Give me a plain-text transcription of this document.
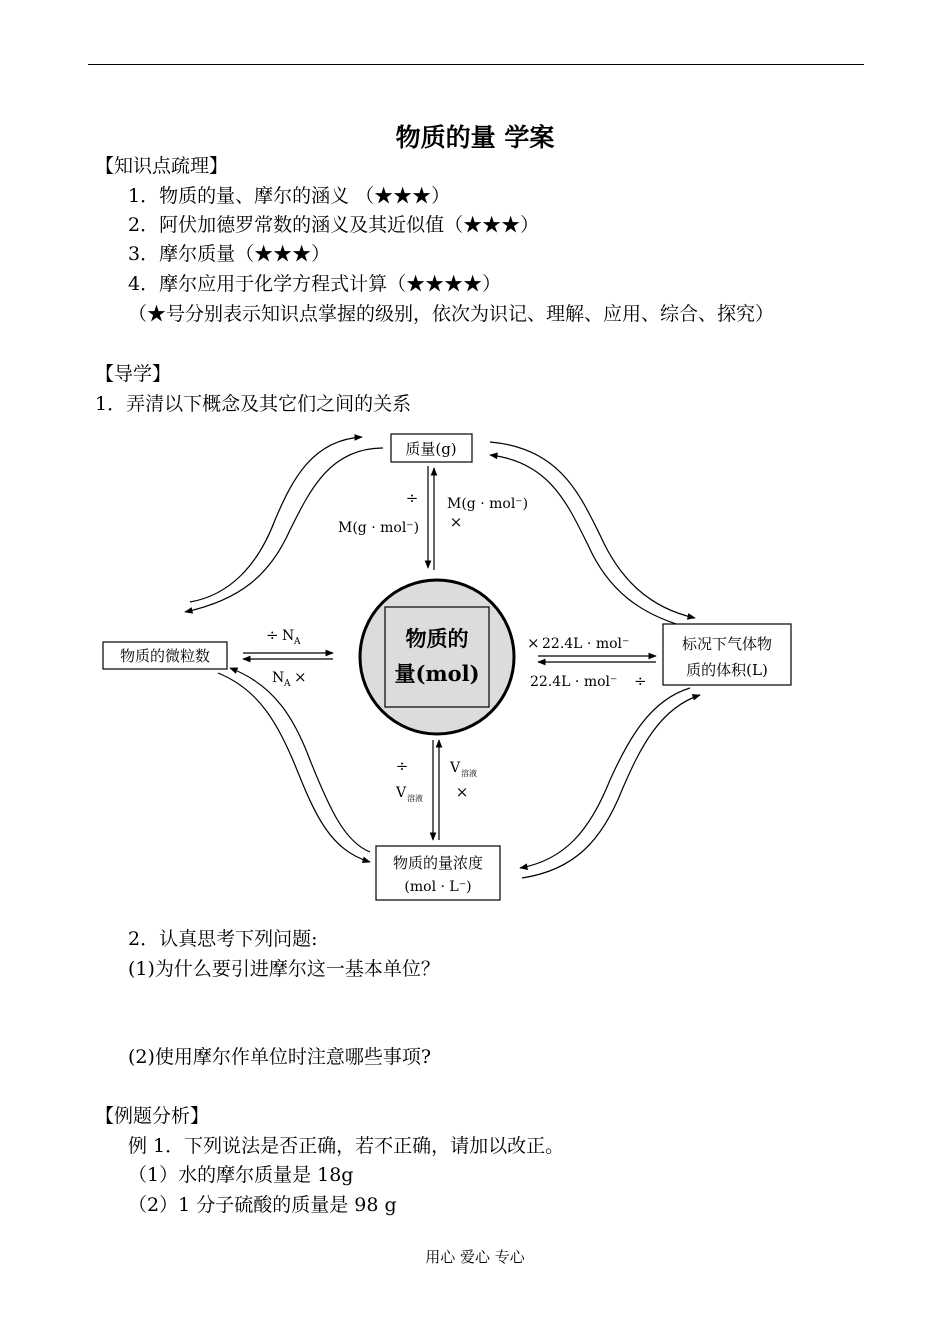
物质的量 学案
【知识点疏理】
1．物质的量、摩尔的涵义 （★★★）
2．阿伏加德罗常数的涵义及其近似值（★★★）
3．摩尔质量（★★★）
4．摩尔应用于化学方程式计算（★★★★）
（★号分别表示知识点掌握的级别，依次为识记、理解、应用、综合、探究）
【导学】
1．弄清以下概念及其它们之间的关系
物质的
量(mol)
质量(g)
物质的微粒数
标况下气体物
质的体积(L)
物质的量浓度
(mol · L⁻)
÷ M(g · mol⁻)
M(g · mol⁻) ×
÷ N A
N A ×
× 22.4L · mol⁻
22.4L · mol⁻ ÷
÷
V 溶液
V 溶液
×
2．认真思考下列问题:
(1)为什么要引进摩尔这一基本单位？
(2)使用摩尔作单位时注意哪些事项?
【例题分析】
例 1．下列说法是否正确，若不正确，请加以改正。
（1）水的摩尔质量是 18g
（2）1 分子硫酸的质量是 98 g
用心 爱心 专心
